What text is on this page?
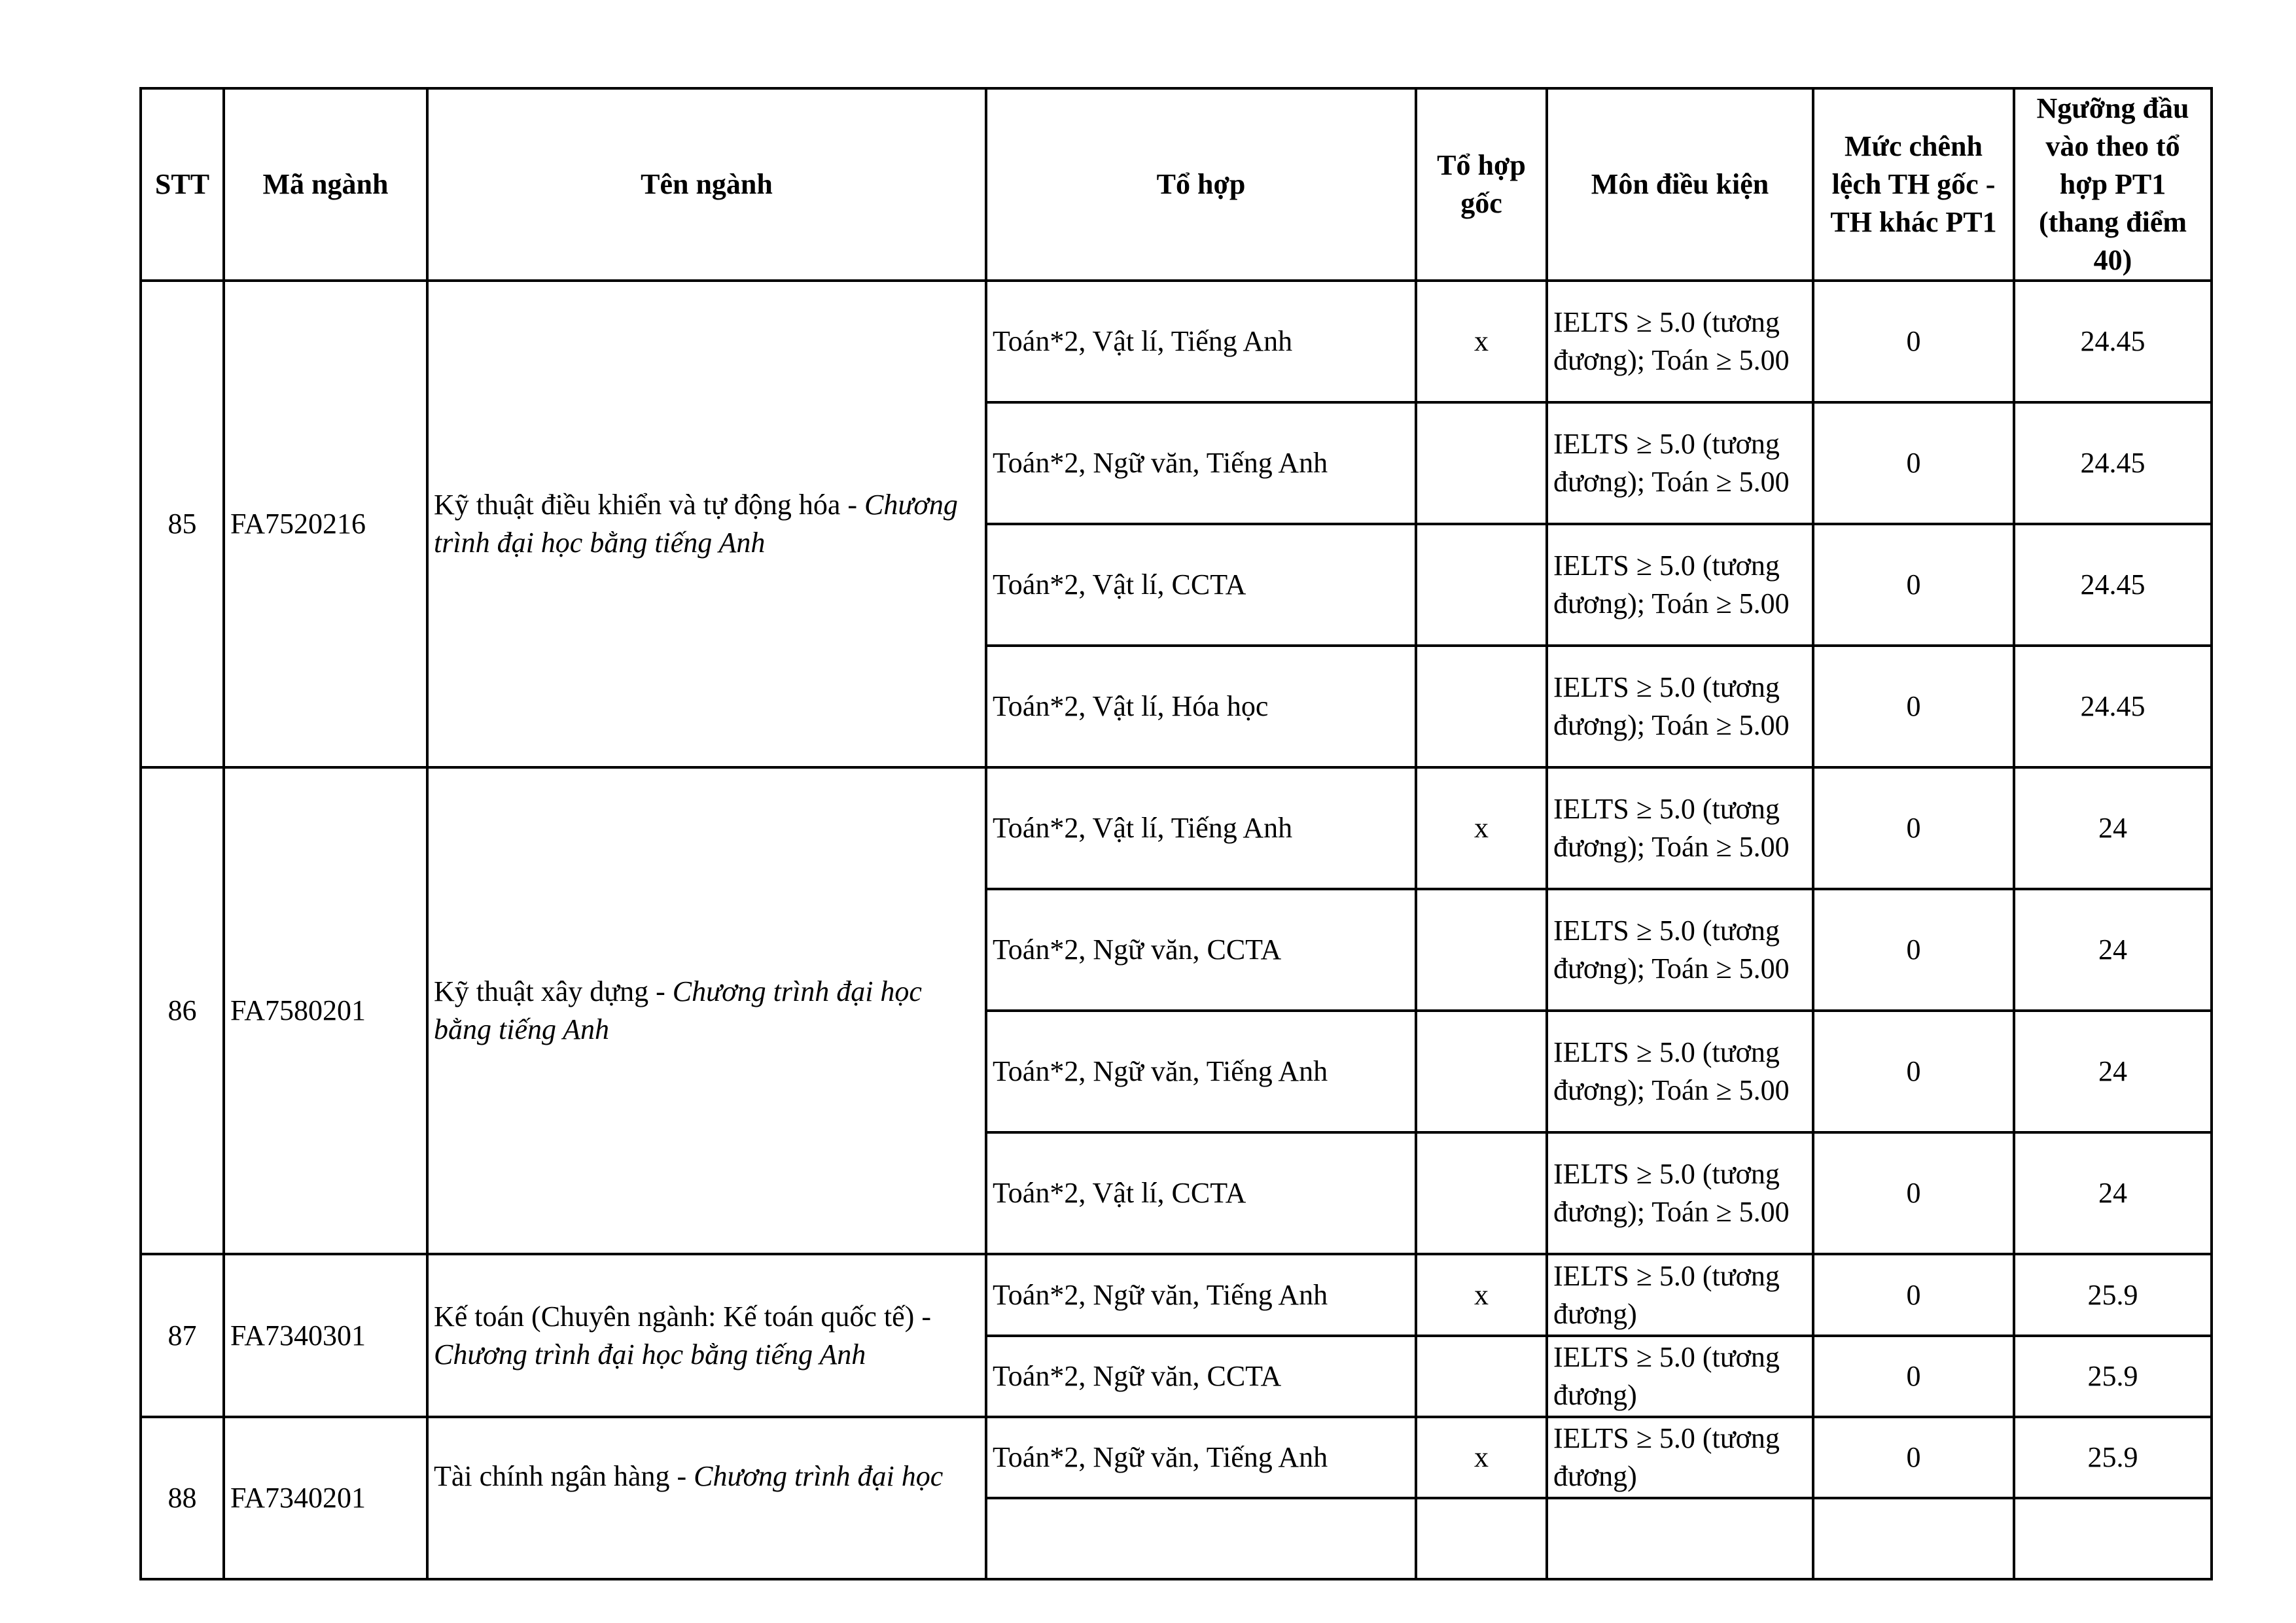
STT	Mã ngành	Tên ngành	Tổ hợp	Tổ hợp gốc	Môn điều kiện	Mức chênh lệch TH gốc - TH khác PT1	Ngưỡng đầu vào theo tổ hợp PT1 (thang điểm 40)
85	FA7520216	Kỹ thuật điều khiển và tự động hóa - Chương trình đại học bằng tiếng Anh	Toán*2, Vật lí, Tiếng Anh	x	IELTS ≥ 5.0 (tương đương); Toán ≥ 5.00	0	24.45
			Toán*2, Ngữ văn, Tiếng Anh		IELTS ≥ 5.0 (tương đương); Toán ≥ 5.00	0	24.45
			Toán*2, Vật lí, CCTA		IELTS ≥ 5.0 (tương đương); Toán ≥ 5.00	0	24.45
			Toán*2, Vật lí, Hóa học		IELTS ≥ 5.0 (tương đương); Toán ≥ 5.00	0	24.45
86	FA7580201	Kỹ thuật xây dựng - Chương trình đại học bằng tiếng Anh	Toán*2, Vật lí, Tiếng Anh	x	IELTS ≥ 5.0 (tương đương); Toán ≥ 5.00	0	24
			Toán*2, Ngữ văn, CCTA		IELTS ≥ 5.0 (tương đương); Toán ≥ 5.00	0	24
			Toán*2, Ngữ văn, Tiếng Anh		IELTS ≥ 5.0 (tương đương); Toán ≥ 5.00	0	24
			Toán*2, Vật lí, CCTA		IELTS ≥ 5.0 (tương đương); Toán ≥ 5.00	0	24
87	FA7340301	Kế toán (Chuyên ngành: Kế toán quốc tế) - Chương trình đại học bằng tiếng Anh	Toán*2, Ngữ văn, Tiếng Anh	x	IELTS ≥ 5.0 (tương đương)	0	25.9
			Toán*2, Ngữ văn, CCTA		IELTS ≥ 5.0 (tương đương)	0	25.9
88	FA7340201	Tài chính ngân hàng - Chương trình đại học	Toán*2, Ngữ văn, Tiếng Anh	x	IELTS ≥ 5.0 (tương đương)	0	25.9
